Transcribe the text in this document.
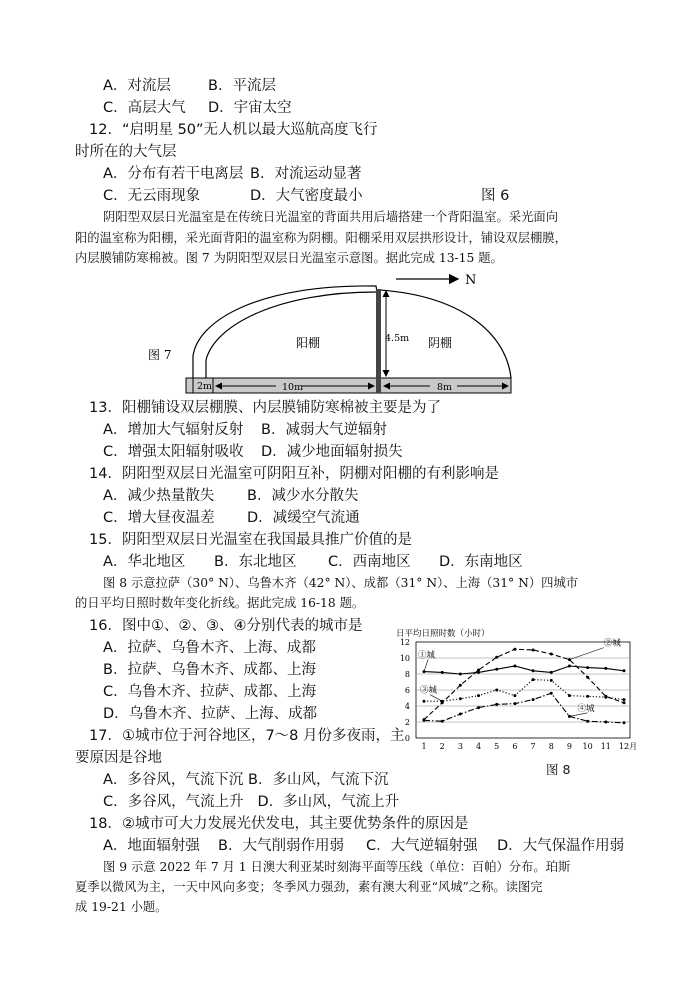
A．对流层	B．平流层
C．高层大气 D．宇宙太空
12．“启明星 50”无人机以最大巡航高度飞行
时所在的大气层
A．分布有若干电离层 B．对流运动显著
C．无云雨现象	D．大气密度最小	图 6
阴阳型双层日光温室是在传统日光温室的背面共用后墙搭建一个背阳温室。采光面向
阳的温室称为阳棚，采光面背阳的温室称为阴棚。阳棚采用双层拱形设计，铺设双层棚膜，
内层膜铺防寒棉被。图 7 为阴阳型双层日光温室示意图。据此完成 13-15 题。
N
4.5m
阳棚	阴棚
图 7
2m	10m	8m
13．阳棚铺设双层棚膜、内层膜铺防寒棉被主要是为了
A．增加大气辐射反射 B．减弱大气逆辐射
C．增强太阳辐射吸收 D．减少地面辐射损失
14．阴阳型双层日光温室可阴阳互补，阴棚对阳棚的有利影响是
A．减少热量散失 B．减少水分散失
C．增大昼夜温差 D．减缓空气流通
15．阴阳型双层日光温室在我国最具推广价值的是
A．华北地区 B．东北地区 C．西南地区 D．东南地区
图 8 示意拉萨（30° N）、乌鲁木齐（42° N）、成都（31° N）、上海（31° N）四城市
的日平均日照时数年变化折线。据此完成 16-18 题。
16．图中①、②、③、④分别代表的城市是
A．拉萨、乌鲁木齐、上海、成都
B．拉萨、乌鲁木齐、成都、上海
C．乌鲁木齐、拉萨、成都、上海
D．乌鲁木齐、拉萨、上海、成都
17．①城市位于河谷地区，7～8 月份多夜雨，主
要原因是谷地
A．多谷风，气流下沉 B．多山风，气流下沉
C．多谷风，气流上升   D．多山风，气流上升
18．②城市可大力发展光伏发电，其主要优势条件的原因是
A．地面辐射强 B．大气削弱作用弱 C．大气逆辐射强 D．大气保温作用弱
图 9 示意 2022 年 7 月 1 日澳大利亚某时刻海平面等压线（单位：百帕）分布。珀斯
夏季以微风为主，一天中风向多变；冬季风力强劲，素有澳大利亚“风城”之称。读图完
成 19-21 小题。
日平均日照时数（小时）
①城
②城
③城
④城
0
2
4
6
8
10
12
1 2 3 4 5 6 7 8 9 10 11 12月
图 8
